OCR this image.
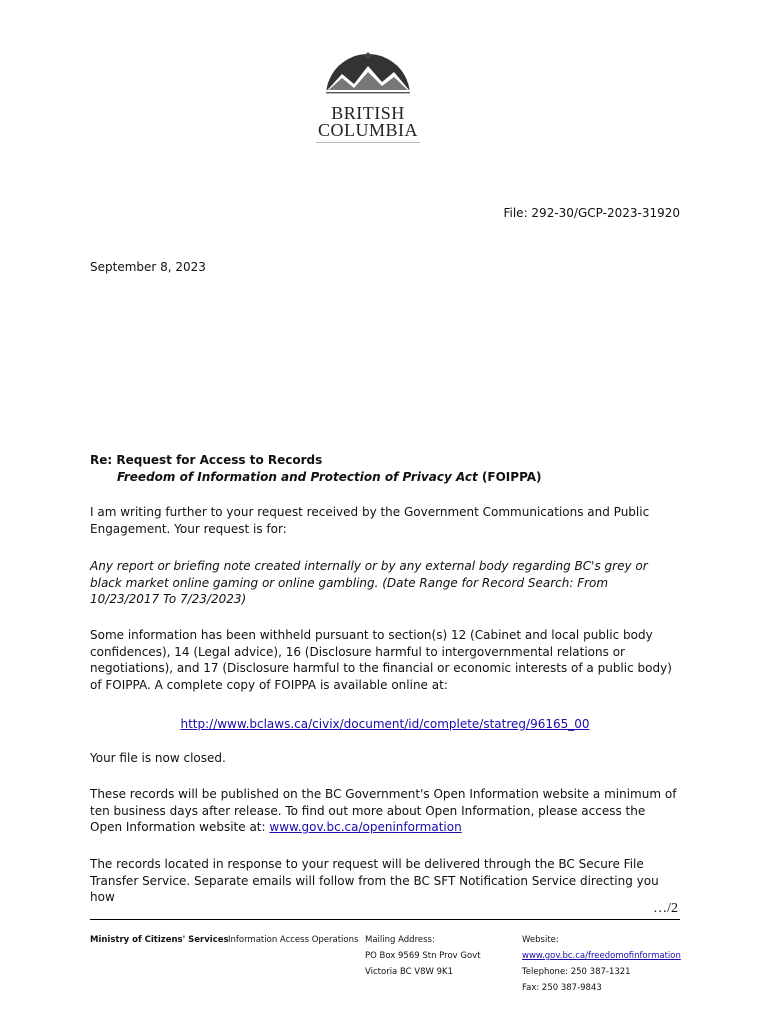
BRITISH
COLUMBIA

File: 292-30/GCP-2023-31920

September 8, 2023

Re: Request for Access to Records

Freedom of Information and Protection of Privacy Act (FOIPPA)

I am writing further to your request received by the Government Communications and Public Engagement. Your request is for:

Any report or briefing note created internally or by any external body regarding BC's grey or black market online gaming or online gambling. (Date Range for Record Search: From 10/23/2017 To 7/23/2023)

Some information has been withheld pursuant to section(s) 12 (Cabinet and local public body confidences), 14 (Legal advice), 16 (Disclosure harmful to intergovernmental relations or negotiations), and 17 (Disclosure harmful to the financial or economic interests of a public body) of FOIPPA. A complete copy of FOIPPA is available online at:

http://www.bclaws.ca/civix/document/id/complete/statreg/96165_00

Your file is now closed.

These records will be published on the BC Government's Open Information website a minimum of ten business days after release. To find out more about Open Information, please access the Open Information website at: www.gov.bc.ca/openinformation

The records located in response to your request will be delivered through the BC Secure File Transfer Service. Separate emails will follow from the BC SFT Notification Service directing you how

…/2
Ministry of Citizens' Services Information Access Operations Mailing Address:
PO Box 9569 Stn Prov Govt
Victoria BC V8W 9K1
Website:
www.gov.bc.ca/freedomofinformation
Telephone: 250 387-1321
Fax: 250 387-9843
